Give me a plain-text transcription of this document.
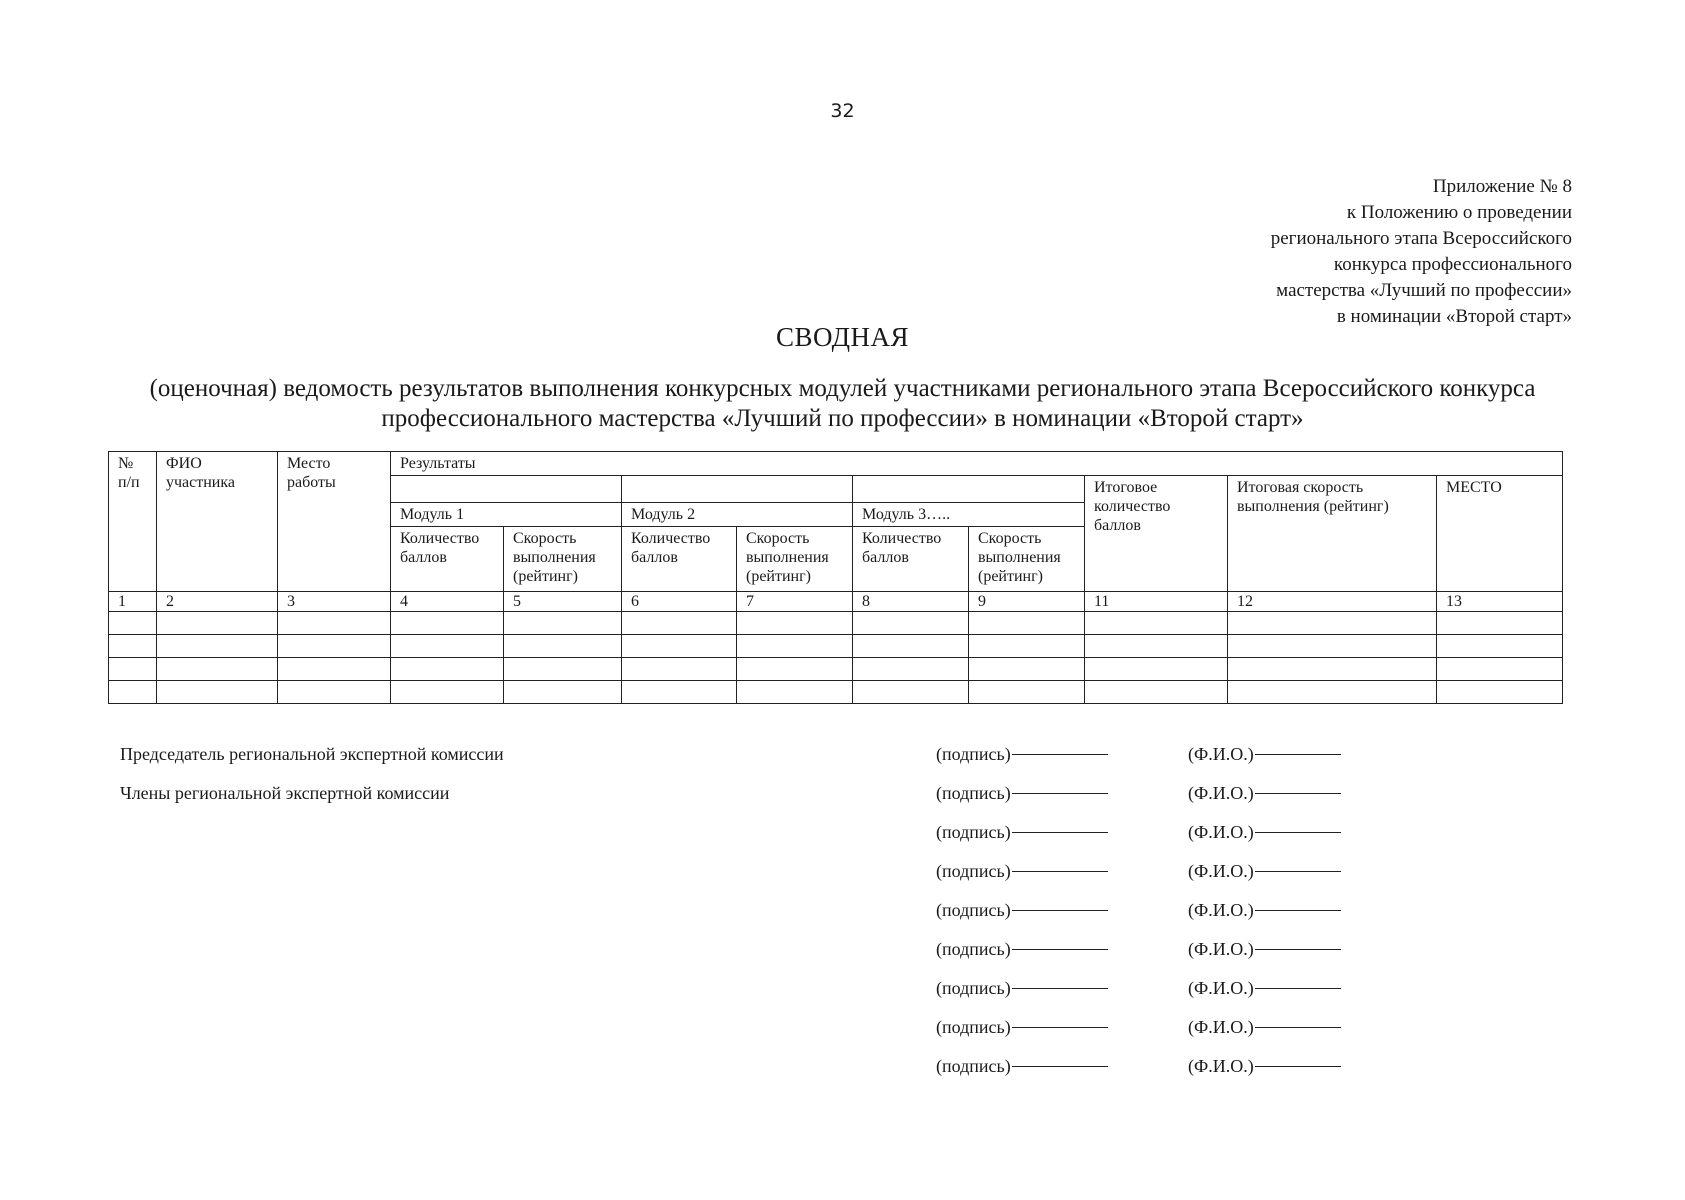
32
Приложение № 8
к Положению о проведении
регионального этапа Всероссийского
конкурса профессионального
мастерства «Лучший по профессии»
в номинации «Второй старт»
СВОДНАЯ
(оценочная) ведомость результатов выполнения конкурсных модулей участниками регионального этапа Всероссийского конкурса
профессионального мастерства «Лучший по профессии» в номинации «Второй старт»
№ п/п	ФИО участника	Место работы	Результаты								
									Итоговое количество баллов	Итоговая скорость выполнения (рейтинг)	МЕСТО
			Модуль 1		Модуль 2		Модуль 3…..				
			Количество баллов	Скорость выполнения (рейтинг)	Количество баллов	Скорость выполнения (рейтинг)	Количество баллов	Скорость выполнения (рейтинг)			
1	2	3	4	5	6	7	8	9	11	12	13

Председатель региональной экспертной комиссии
Члены региональной экспертной комиссии
(подпись)	(Ф.И.О.)
(подпись)	(Ф.И.О.)
(подпись)	(Ф.И.О.)
(подпись)	(Ф.И.О.)
(подпись)	(Ф.И.О.)
(подпись)	(Ф.И.О.)
(подпись)	(Ф.И.О.)
(подпись)	(Ф.И.О.)
(подпись)	(Ф.И.О.)
